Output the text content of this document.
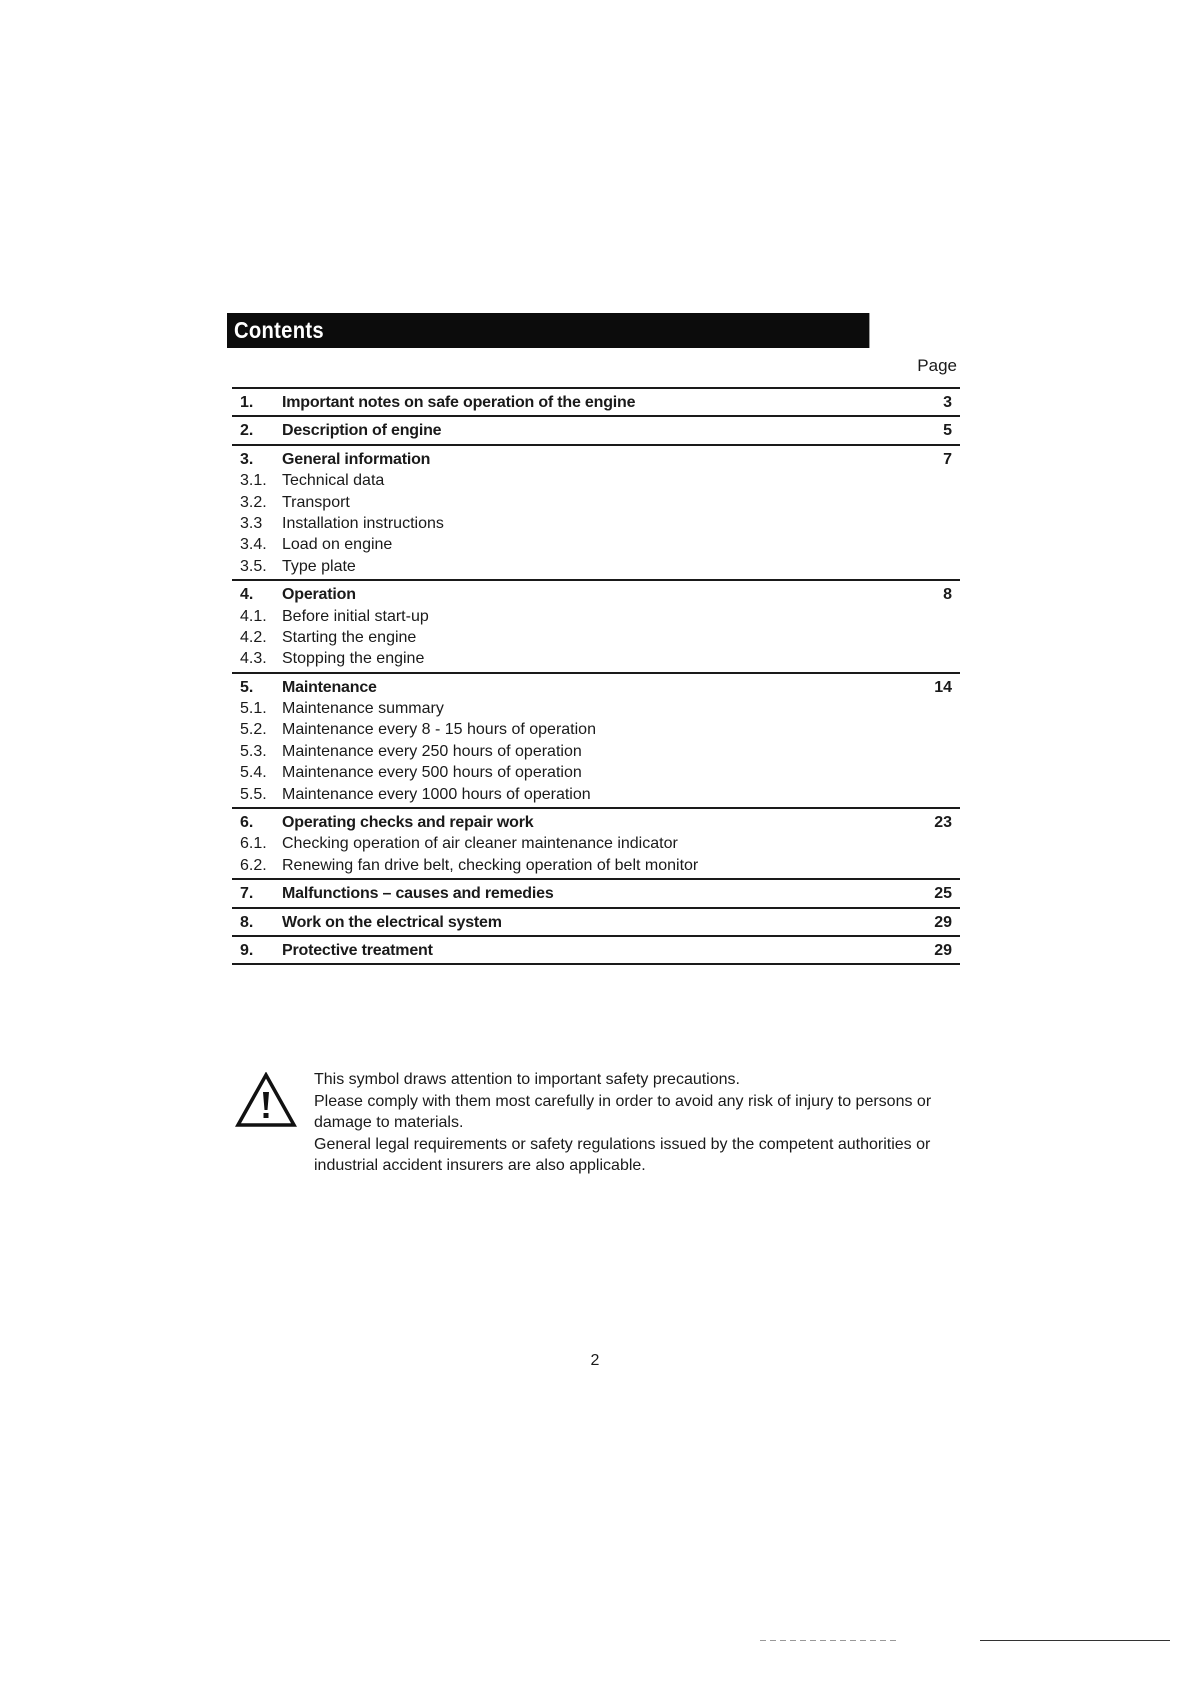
Contents
Page
1. Important notes on safe operation of the engine	3
2. Description of engine	5
3. General information	7
3.1. Technical data
3.2. Transport
3.3 Installation instructions
3.4. Load on engine
3.5. Type plate
4. Operation	8
4.1. Before initial start-up
4.2. Starting the engine
4.3. Stopping the engine
5. Maintenance	14
5.1. Maintenance summary
5.2. Maintenance every 8 - 15 hours of operation
5.3. Maintenance every 250 hours of operation
5.4. Maintenance every 500 hours of operation
5.5. Maintenance every 1000 hours of operation
6. Operating checks and repair work	23
6.1. Checking operation of air cleaner maintenance indicator
6.2. Renewing fan drive belt, checking operation of belt monitor
7. Malfunctions – causes and remedies	25
8. Work on the electrical system	29
9. Protective treatment	29
This symbol draws attention to important safety precautions.
Please comply with them most carefully in order to avoid any risk of injury to persons or
damage to materials.
General legal requirements or safety regulations issued by the competent authorities or
industrial accident insurers are also applicable.
2
